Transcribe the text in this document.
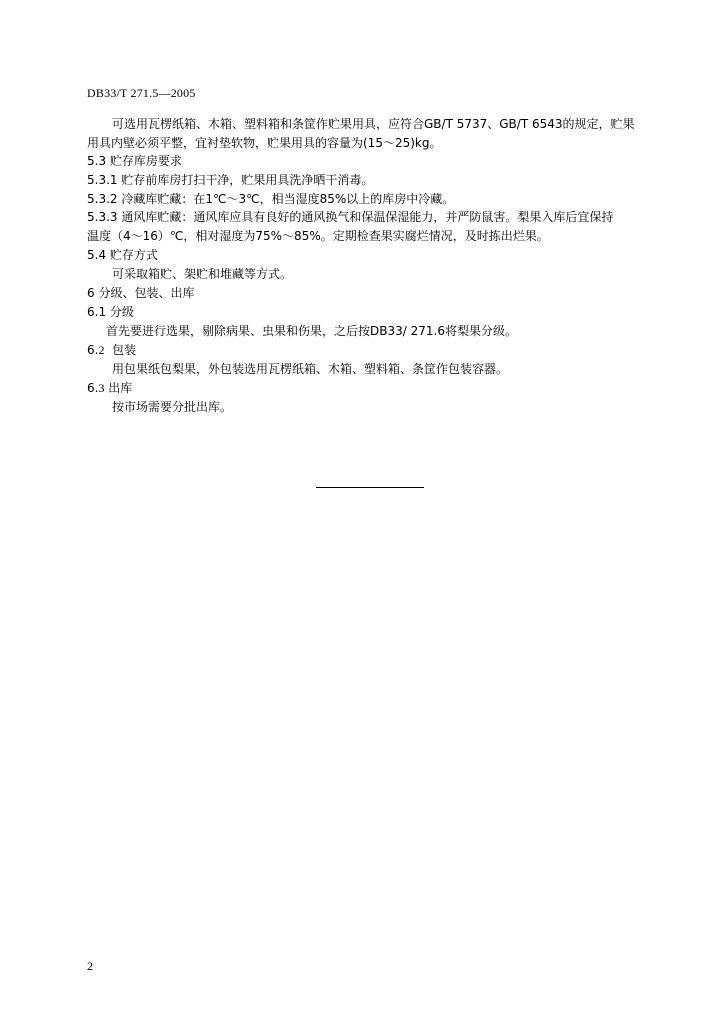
DB33/T 271.5—2005
可选用瓦楞纸箱、木箱、塑料箱和条筐作贮果用具，应符合GB/T 5737、GB/T 6543的规定，贮果
用具内壁必须平整，宜衬垫软物，贮果用具的容量为(15～25)kg。
5.3 贮存库房要求
5.3.1 贮存前库房打扫干净，贮果用具洗净晒干消毒。
5.3.2 冷藏库贮藏：在1℃～3℃，相当湿度85%以上的库房中冷藏。
5.3.3 通风库贮藏：通风库应具有良好的通风换气和保温保湿能力，并严防鼠害。梨果入库后宜保持
温度（4～16）℃，相对湿度为75%～85%。定期检查果实腐烂情况，及时拣出烂果。
5.4 贮存方式
可采取箱贮、架贮和堆藏等方式。
6 分级、包装、出库
6.1 分级
首先要进行选果，剔除病果、虫果和伤果，之后按DB33/ 271.6将梨果分级。
6.2  包装
用包果纸包梨果，外包装选用瓦楞纸箱、木箱、塑料箱、条筐作包装容器。
6.3 出库
按市场需要分批出库。
2
